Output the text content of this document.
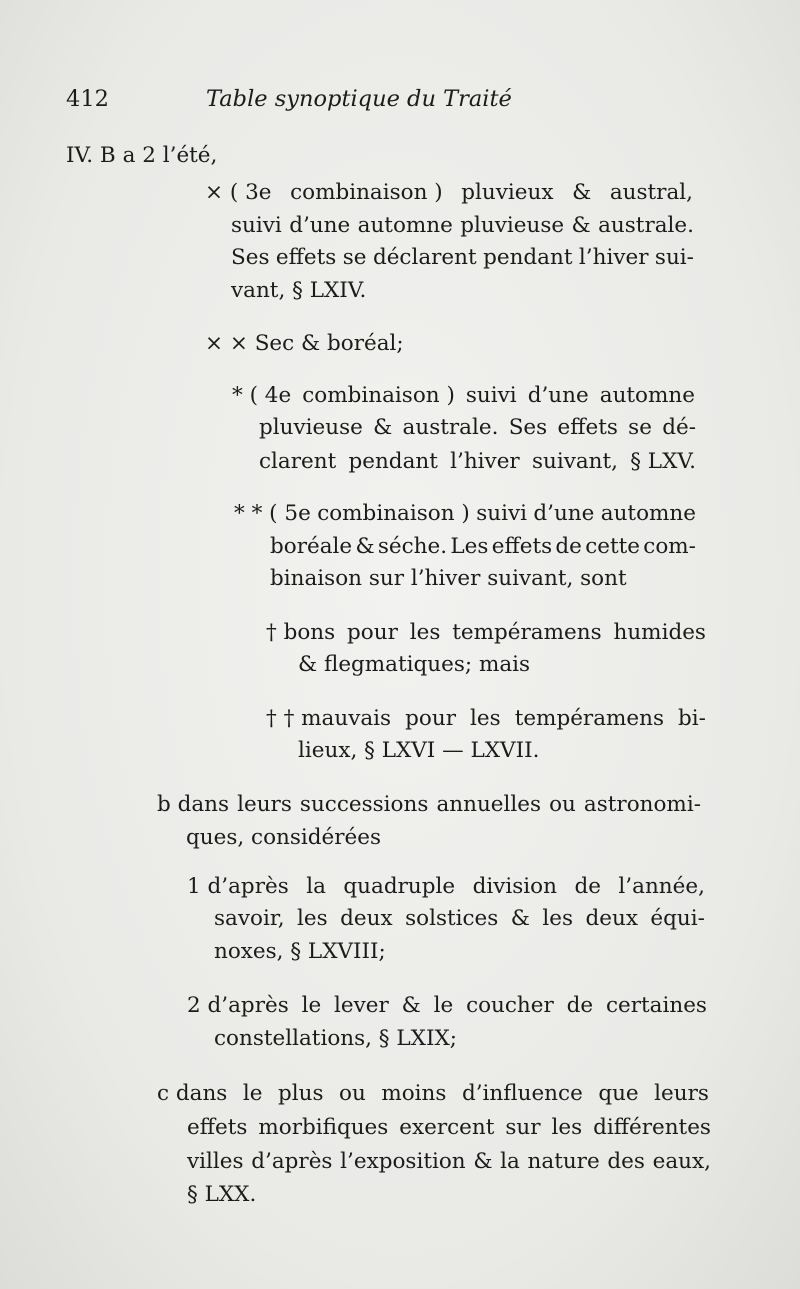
412	Table synoptique du Traité
IV. B a 2 l’été,
× ( 3e combinaison ) pluvieux & austral,
suivi d’une automne pluvieuse & australe.
Ses effets se déclarent pendant l’hiver sui-
vant, § LXIV.
× × Sec & boréal;
* ( 4e combinaison ) suivi d’une automne
pluvieuse & australe. Ses effets se dé-
clarent pendant l’hiver suivant, § LXV.
* * ( 5e combinaison ) suivi d’une automne
boréale & séche. Les effets de cette com-
binaison sur l’hiver suivant, sont
† bons pour les tempéramens humides
& flegmatiques; mais
† † mauvais pour les tempéramens bi-
lieux, § LXVI — LXVII.
b dans leurs successions annuelles ou astronomi-
ques, considérées
1 d’après la quadruple division de l’année,
savoir, les deux solstices & les deux équi-
noxes, § LXVIII;
2 d’après le lever & le coucher de certaines
constellations, § LXIX;
c dans le plus ou moins d’influence que leurs
effets morbifiques exercent sur les différentes
villes d’après l’exposition & la nature des eaux,
§ LXX.
